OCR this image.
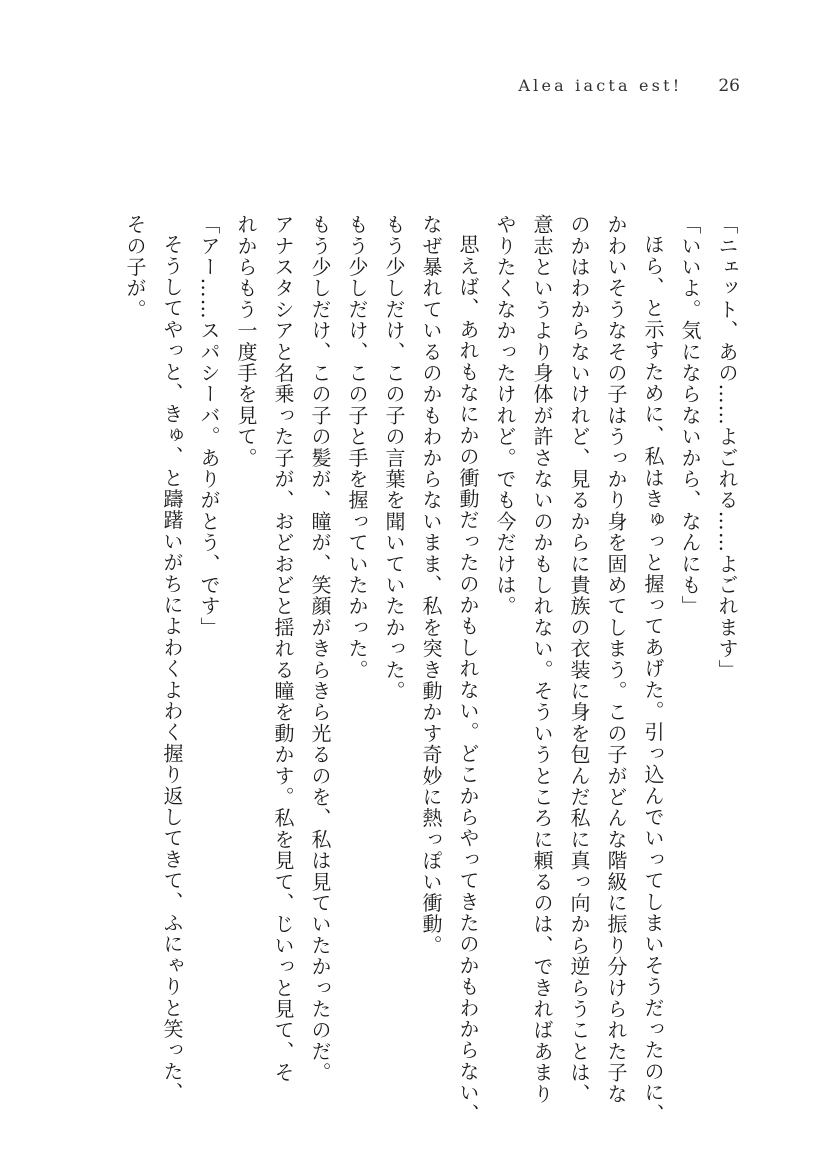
Alea iacta est! 26

「ニェット、あの……よごれる……よごれます」

「いいよ。気にならないから、なんにも」

ほら、と示すために、私はきゅっと握ってあげた。引っ込んでいってしまいそうだったのに、

かわいそうなその子はうっかり身を固めてしまう。この子がどんな階級に振り分けられた子な

のかはわからないけれど、見るからに貴族の衣装に身を包んだ私に真っ向から逆らうことは、

意志というより身体が許さないのかもしれない。そういうところに頼るのは、できればあまり

やりたくなかったけれど。でも今だけは。

思えば、あれもなにかの衝動だったのかもしれない。どこからやってきたのかもわからない、

なぜ暴れているのかもわからないまま、私を突き動かす奇妙に熱っぽい衝動。

もう少しだけ、この子の言葉を聞いていたかった。

もう少しだけ、この子と手を握っていたかった。

もう少しだけ、この子の髪が、瞳が、笑顔がきらきら光るのを、私は見ていたかったのだ。

アナスタシアと名乗った子が、おどおどと揺れる瞳を動かす。私を見て、じいっと見て、そ

れからもう一度手を見て。

「アー……スパシーバ。ありがとう、です」

そうしてやっと、きゅ、と躊躇いがちによわくよわく握り返してきて、ふにゃりと笑った、

その子が。
